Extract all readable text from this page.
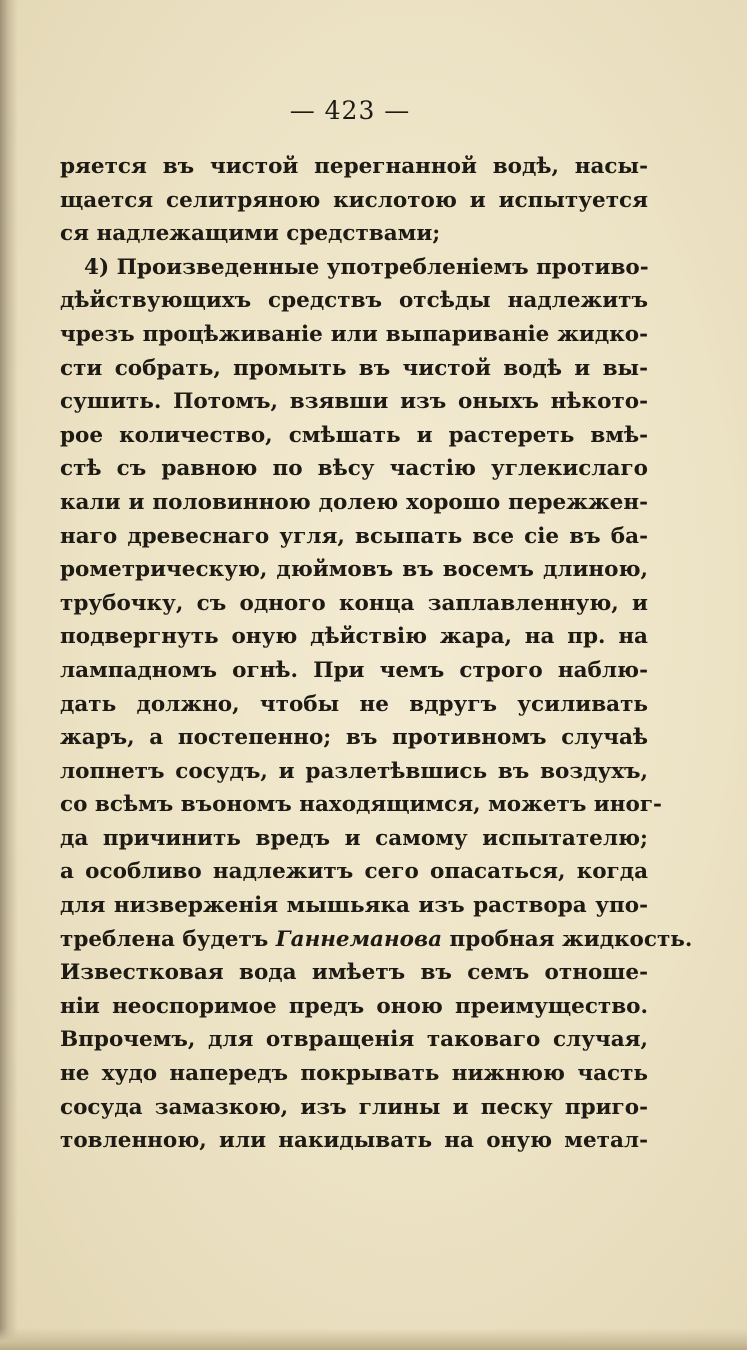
— 423 —
ряется въ чистой перегнанной водѣ, насы-
щается селитряною кислотою и испытуется
ся надлежащими средствами;
4) Произведенные употребленіемъ противо-
дѣйствующихъ средствъ отсѣды надлежитъ
чрезъ процѣживаніе или выпариваніе жидко-
сти собрать, промыть въ чистой водѣ и вы-
сушить. Потомъ, взявши изъ оныхъ нѣкото-
рое количество, смѣшать и растереть вмѣ-
стѣ съ равною по вѣсу частію углекислаго
кали и половинною долею хорошо пережжен-
наго древеснаго угля, всыпать все сіе въ ба-
рометрическую, дюймовъ въ восемъ длиною,
трубочку, съ одного конца заплавленную, и
подвергнуть оную дѣйствію жара, на пр. на
лампадномъ огнѣ. При чемъ строго наблю-
дать должно, чтобы не вдругъ усиливать
жаръ, а постепенно; въ противномъ случаѣ
лопнетъ сосудъ, и разлетѣвшись въ воздухъ,
со всѣмъ въономъ находящимся, можетъ иног-
да причинить вредъ и самому испытателю;
а особливо надлежитъ сего опасаться, когда
для низверженія мышьяка изъ раствора упо-
треблена будетъ Ганнемановa пробная жидкость.
Известковая вода имѣетъ въ семъ отноше-
ніи неоспоримое предъ оною преимущество.
Впрочемъ, для отвращенія таковаго случая,
не худо напередъ покрывать нижнюю часть
сосуда замазкою, изъ глины и песку приго-
товленною, или накидывать на оную метал-
